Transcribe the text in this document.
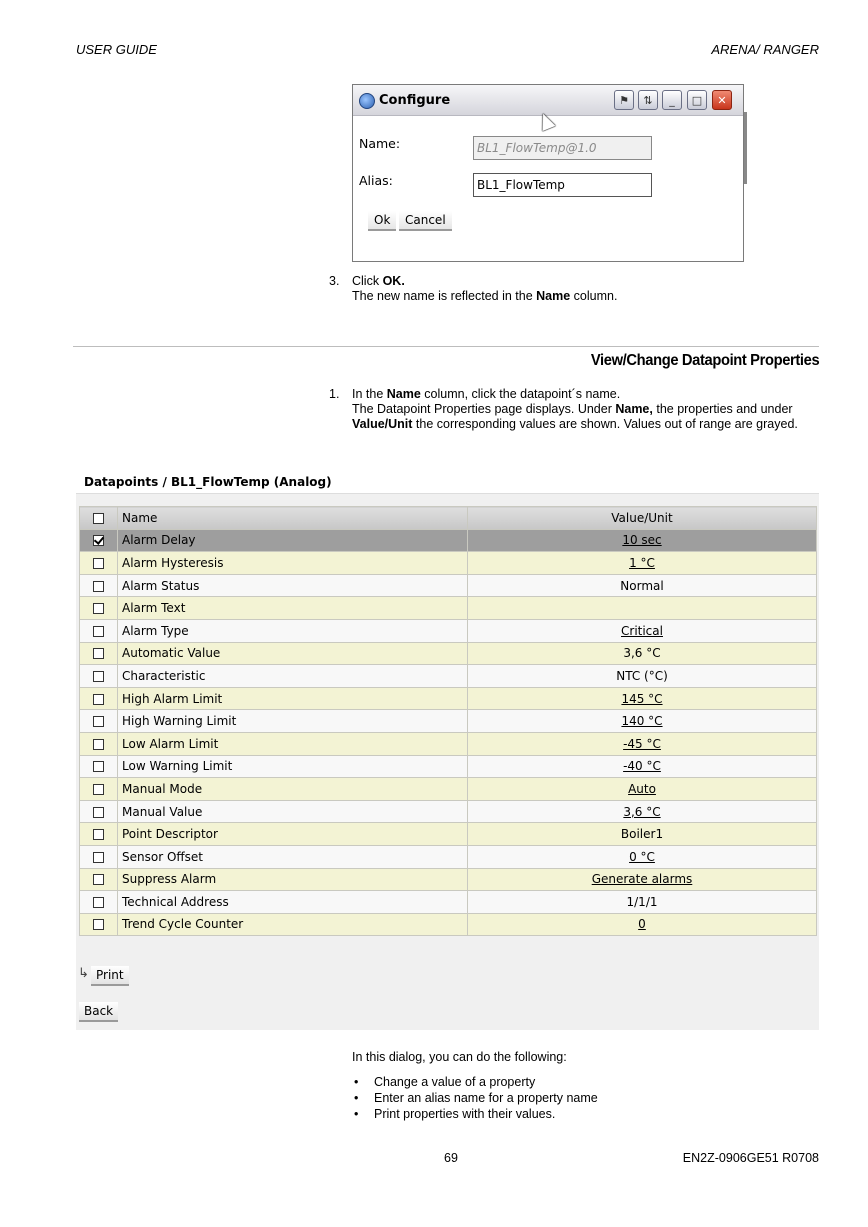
USER GUIDE	ARENA/ RANGER
Configure	⚑	⇅	_	□	✕
Name:	BL1_FlowTemp@1.0
Alias:	BL1_FlowTemp
Ok	Cancel
3. Click OK.
The new name is reflected in the Name column.
View/Change Datapoint Properties
1. In the Name column, click the datapoint´s name.
The Datapoint Properties page displays. Under Name, the properties and under Value/Unit the corresponding values are shown. Values out of range are grayed.
Datapoints / BL1_FlowTemp (Analog)
	Name	Value/Unit
	Alarm Delay	10 sec
	Alarm Hysteresis	1 °C
	Alarm Status	Normal
	Alarm Text	
	Alarm Type	Critical
	Automatic Value	3,6 °C
	Characteristic	NTC (°C)
	High Alarm Limit	145 °C
	High Warning Limit	140 °C
	Low Alarm Limit	-45 °C
	Low Warning Limit	-40 °C
	Manual Mode	Auto
	Manual Value	3,6 °C
	Point Descriptor	Boiler1
	Sensor Offset	0 °C
	Suppress Alarm	Generate alarms
	Technical Address	1/1/1
	Trend Cycle Counter	0
↳ Print
Back
In this dialog, you can do the following:
• Change a value of a property
• Enter an alias name for a property name
• Print properties with their values.
69	EN2Z-0906GE51 R0708
